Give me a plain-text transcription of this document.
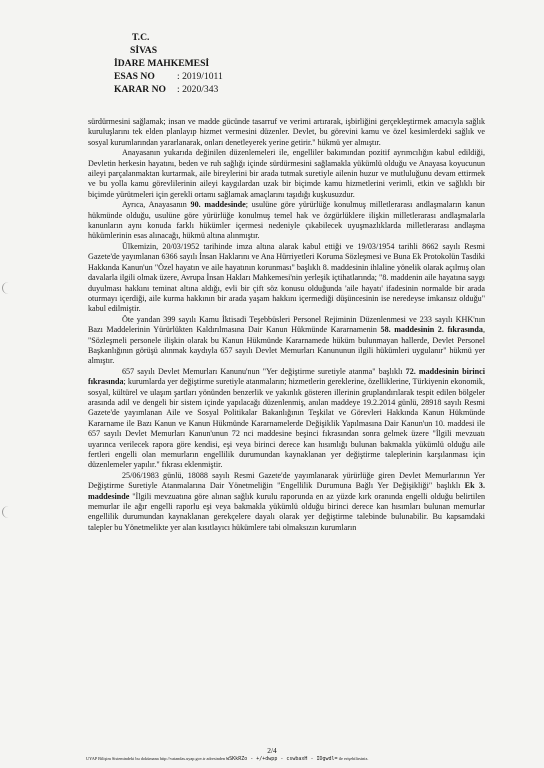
T.C.
SİVAS
İDARE MAHKEMESİ
ESAS NO : 2019/1011
KARAR NO : 2020/343

sürdürmesini sağlamak; insan ve madde gücünde tasarruf ve verimi artırarak, işbirliğini gerçekleştirmek amacıyla sağlık kuruluşlarını tek elden planlayıp hizmet vermesini düzenler. Devlet, bu görevini kamu ve özel kesimlerdeki sağlık ve sosyal kurumlarından yararlanarak, onları denetleyerek yerine getirir." hükmü yer almıştır.

Anayasanın yukarıda değinilen düzenlemeleri ile, engelliler bakımından pozitif ayrımcılığın kabul edildiği, Devletin herkesin hayatını, beden ve ruh sağlığı içinde sürdürmesini sağlamakla yükümlü olduğu ve Anayasa koyucunun aileyi parçalanmaktan kurtarmak, aile bireylerini bir arada tutmak suretiyle ailenin huzur ve mutluluğunu devam ettirmek ve bu yolla kamu görevlilerinin aileyi kaygılardan uzak bir biçimde kamu hizmetlerini verimli, etkin ve sağlıklı bir biçimde yürütmeleri için gerekli ortamı sağlamak amaçlarını taşıdığı kuşkusuzdur.

Ayrıca, Anayasanın 90. maddesinde; usulüne göre yürürlüğe konulmuş milletlerarası andlaşmaların kanun hükmünde olduğu, usulüne göre yürürlüğe konulmuş temel hak ve özgürlüklere ilişkin milletlerarası andlaşmalarla kanunların aynı konuda farklı hükümler içermesi nedeniyle çıkabilecek uyuşmazlıklarda milletlerarası andlaşma hükümlerinin esas alınacağı, hükmü altına alınmıştır.

Ülkemizin, 20/03/1952 tarihinde imza altına alarak kabul ettiği ve 19/03/1954 tarihli 8662 sayılı Resmi Gazete'de yayımlanan 6366 sayılı İnsan Haklarını ve Ana Hürriyetleri Koruma Sözleşmesi ve Buna Ek Protokolün Tasdiki Hakkında Kanun'un "Özel hayatın ve aile hayatının korunması" başlıklı 8. maddesinin ihlaline yönelik olarak açılmış olan davalarla ilgili olmak üzere, Avrupa İnsan Hakları Mahkemesi'nin yerleşik içtihatlarında; "8. maddenin aile hayatına saygı duyulması hakkını teminat altına aldığı, evli bir çift söz konusu olduğunda 'aile hayatı' ifadesinin normalde bir arada oturmayı içerdiği, aile kurma hakkının bir arada yaşam hakkını içermediği düşüncesinin ise neredeyse imkansız olduğu" kabul edilmiştir.

Öte yandan 399 sayılı Kamu İktisadi Teşebbüsleri Personel Rejiminin Düzenlenmesi ve 233 sayılı KHK'nın Bazı Maddelerinin Yürürlükten Kaldırılmasına Dair Kanun Hükmünde Kararnamenin 58. maddesinin 2. fıkrasında, "Sözleşmeli personele ilişkin olarak bu Kanun Hükmünde Kararnamede hüküm bulunmayan hallerde, Devlet Personel Başkanlığının görüşü alınmak kaydıyla 657 sayılı Devlet Memurları Kanununun ilgili hükümleri uygulanır" hükmü yer almıştır.

657 sayılı Devlet Memurları Kanunu'nun "Yer değiştirme suretiyle atanma" başlıklı 72. maddesinin birinci fıkrasında; kurumlarda yer değiştirme suretiyle atanmaların; hizmetlerin gereklerine, özelliklerine, Türkiyenin ekonomik, sosyal, kültürel ve ulaşım şartları yönünden benzerlik ve yakınlık gösteren illerinin gruplandırılarak tespit edilen bölgeler arasında adil ve dengeli bir sistem içinde yapılacağı düzenlenmiş, anılan maddeye 19.2.2014 günlü, 28918 sayılı Resmi Gazete'de yayımlanan Aile ve Sosyal Politikalar Bakanlığının Teşkilat ve Görevleri Hakkında Kanun Hükmünde Kararname ile Bazı Kanun ve Kanun Hükmünde Kararnamelerde Değişiklik Yapılmasına Dair Kanun'un 10. maddesi ile 657 sayılı Devlet Memurları Kanun'unun 72 nci maddesine beşinci fıkrasından sonra gelmek üzere "İlgili mevzuatı uyarınca verilecek rapora göre kendisi, eşi veya birinci derece kan hısımlığı bulunan bakmakla yükümlü olduğu aile fertleri engelli olan memurların engellilik durumundan kaynaklanan yer değiştirme taleplerinin karşılanması için düzenlemeler yapılır." fıkrası eklenmiştir.

25/06/1983 günlü, 18088 sayılı Resmi Gazete'de yayımlanarak yürürlüğe giren Devlet Memurlarının Yer Değiştirme Suretiyle Atanmalarına Dair Yönetmeliğin "Engellilik Durumuna Bağlı Yer Değişikliği" başlıklı Ek 3. maddesinde "İlgili mevzuatına göre alınan sağlık kurulu raporunda en az yüzde kırk oranında engelli olduğu belirtilen memurlar ile ağır engelli raporlu eşi veya bakmakla yükümlü olduğu birinci derece kan hısımları bulunan memurlar engellilik durumundan kaynaklanan gerekçelere dayalı olarak yer değiştirme talebinde bulunabilir. Bu kapsamdaki talepler bu Yönetmelikte yer alan kısıtlayıcı hükümlere tabi olmaksızın kurumların

2/4
UYAP Bilişim Sistemindeki bu dokümana http://vatandas.uyap.gov.tr adresinden wSKkRZo - +/+dwpp - cswbaxH - IDgwdl= ile erişebilirsiniz.
